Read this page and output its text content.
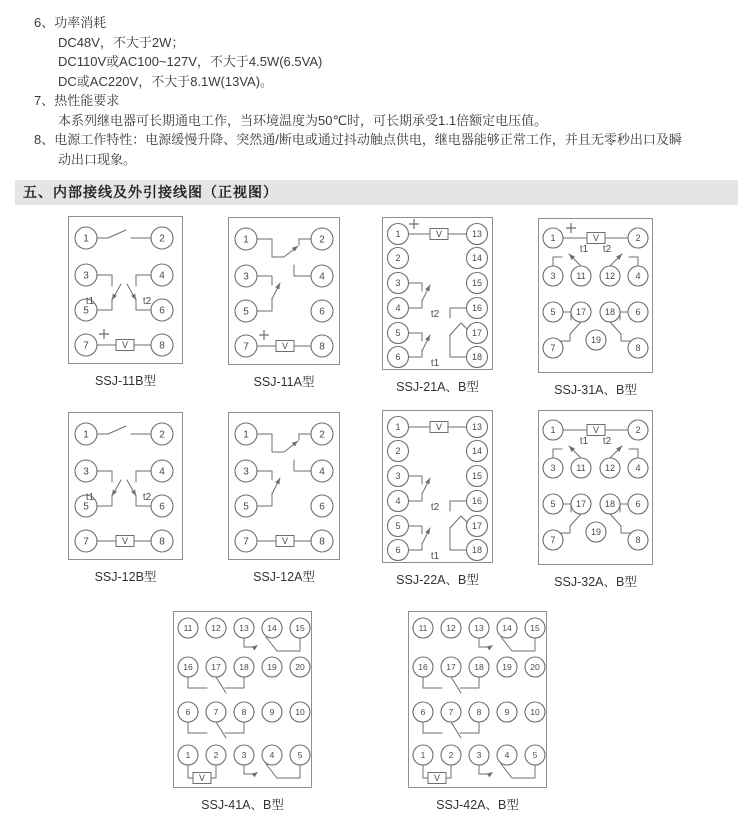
6、功率消耗
DC48V，不大于2W；
DC110V或AC100~127V，不大于4.5W(6.5VA)
DC或AC220V，不大于8.1W(13VA)。
7、热性能要求
本系列继电器可长期通电工作，当环境温度为50℃时，可长期承受1.1倍额定电压值。
8、电源工作特性：电源缓慢升降、突然通/断电或通过抖动触点供电，继电器能够正常工作，并且无零秒出口及瞬
动出口现象。
五、内部接线及外引接线图（正视图）
V
1	2
3	4
5	6
7	8
t1	t2
SSJ-11B型
V
1	2
3	4
5	6
7	8
SSJ-11A型
V
1
2
3
4
5
6
13
14
15
16
17
18
t2
t1
SSJ-21A、B型
V
1	2
3 11 12 4
5 17 18 6
7
19
8
t1 t2
SSJ-31A、B型
V
1	2
3	4
5	6
7	8
t1	t2
SSJ-12B型
V
1	2
3	4
5	6
7	8
SSJ-12A型
V
1
2
3
4
5
6
13
14
15
16
17
18
t2
t1
SSJ-22A、B型
V
1	2
3 11 12 4
5 17 18 6
7
19
8
t1 t2
SSJ-32A、B型
V
11 12 13 14 15
16 17 18 19 20
6	7	8	9 10
1	2	3	4	5
SSJ-41A、B型
V
11 12 13 14 15
16 17 18 19 20
6	7	8	9 10
1	2	3	4	5
SSJ-42A、B型
